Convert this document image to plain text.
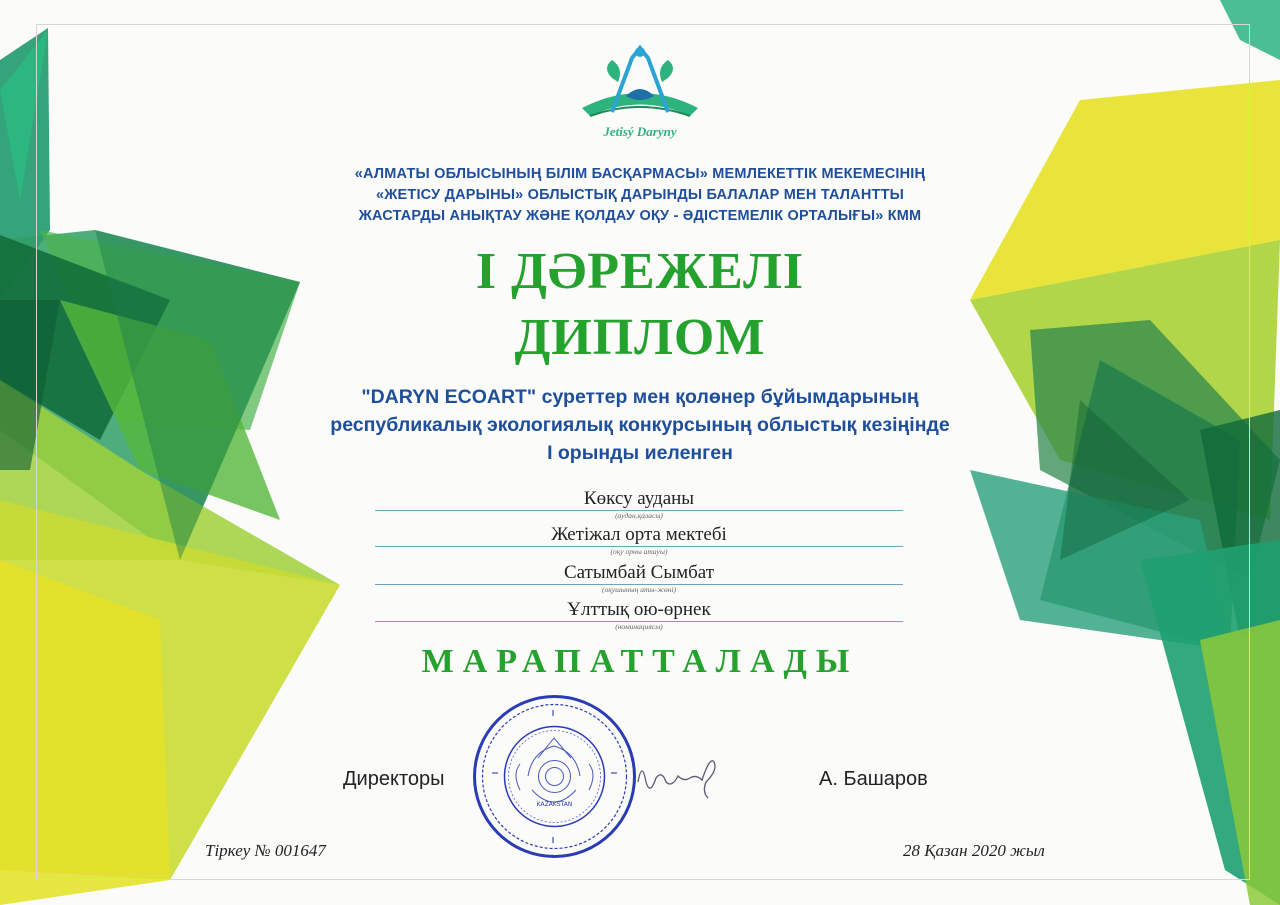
Jetisý Daryny
«АЛМАТЫ ОБЛЫСЫНЫҢ БІЛІМ БАСҚАРМАСЫ» МЕМЛЕКЕТТІК МЕКЕМЕСІНІҢ
«ЖЕТІСУ ДАРЫНЫ» ОБЛЫСТЫҚ ДАРЫНДЫ БАЛАЛАР МЕН ТАЛАНТТЫ
ЖАСТАРДЫ АНЫҚТАУ ЖӘНЕ ҚОЛДАУ ОҚУ - ӘДІСТЕМЕЛІК ОРТАЛЫҒЫ» КММ
І ДӘРЕЖЕЛІ
ДИПЛОМ
"DARYN ECOART" суреттер мен қолөнер бұйымдарының
республикалық экологиялық конкурсының облыстық кезіңінде
І орынды иеленген
Көксу ауданы
(аудан,қаласы)
Жетіжал орта мектебі
(оқу орны атауы)
Сатымбай Сымбат
(оқушының аты-жөні)
Ұлттық ою-өрнек
(номинациясы)
МАРАПАТТАЛАДЫ
Директоры
KAZAKSTAN
А. Башаров
Тіркеу № 001647	28 Қазан 2020 жыл
